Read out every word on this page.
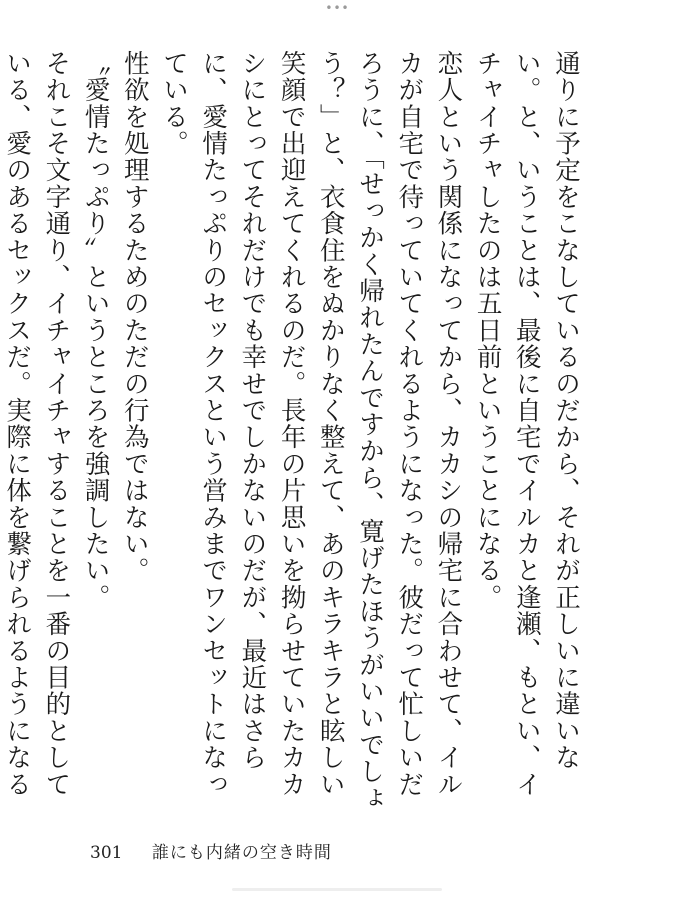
•••

通りに予定をこなしているのだから、それが正しいに違いない。と、いうことは、最後に自宅でイルカと逢瀬、もとい、イチャイチャしたのは五日前ということになる。

恋人という関係になってから、カカシの帰宅に合わせて、イルカが自宅で待っていてくれるようになった。彼だって忙しいだろうに、「せっかく帰れたんですから、寛げたほうがいいでしょう？」と、衣食住をぬかりなく整えて、あのキラキラと眩しい笑顔で出迎えてくれるのだ。長年の片思いを拗らせていたカカシにとってそれだけでも幸せでしかないのだが、最近はさらに、愛情たっぷりのセックスという営みまでワンセットになっている。

性欲を処理するためのただの行為ではない。

〝愛情たっぷり〟というところを強調したい。

それこそ文字通り、イチャイチャすることを一番の目的としている、愛のあるセックスだ。実際に体を繋げられるようになる

301 誰にも内緒の空き時間
